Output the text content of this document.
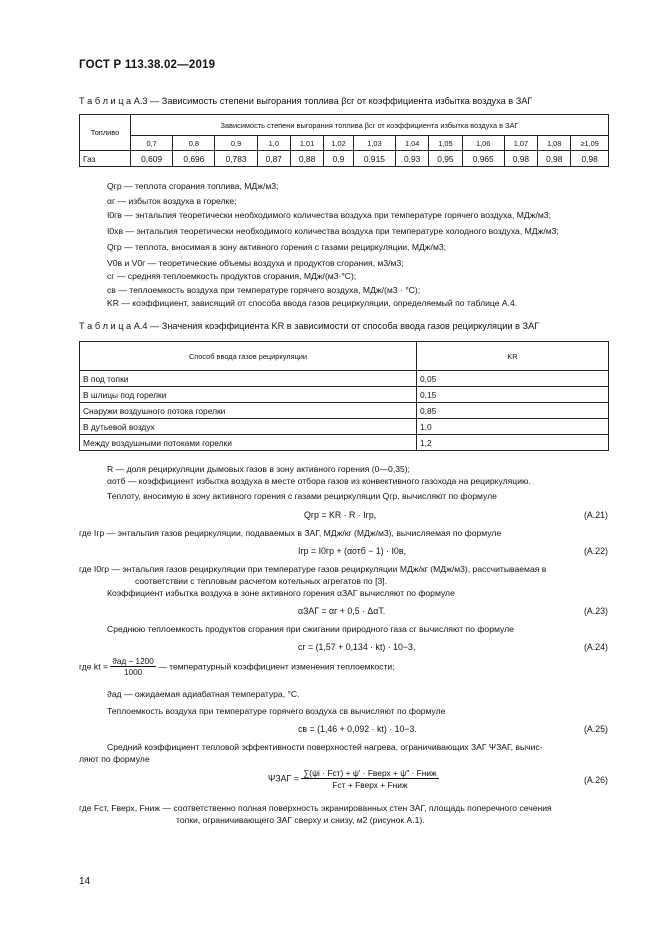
ГОСТ Р 113.38.02—2019
Т а б л и ц а А.3 — Зависимость степени выгорания топлива βсг от коэффициента избытка воздуха в ЗАГ
Топливо	Зависимость степени выгорания топлива βсг от коэффициента избытка воздуха в ЗАГ												
	0,7	0,8	0,9	1,0	1,01	1,02	1,03	1,04	1,05	1,06	1,07	1,08	≥1,09
Газ	0,609	0,696	0,783	0,87	0,88	0,9	0,915	0,93	0,95	0,965	0,98	0,98	0,98
Qгр — теплота сгорания топлива, МДж/м3;
αг — избыток воздуха в горелке;
I0гв — энтальпия теоретически необходимого количества воздуха при температуре горячего воздуха, МДж/м3;
I0хв — энтальпия теоретически необходимого количества воздуха при температуре холодного воздуха, МДж/м3;
Qгр — теплота, вносимая в зону активного горения с газами рециркуляции, МДж/м3;
V0в и V0г — теоретические объемы воздуха и продуктов сгорания, м3/м3;
cг — средняя теплоемкость продуктов сгорания, МДж/(м3·°C);
cв — теплоемкость воздуха при температуре горячего воздуха, МДж/(м3 · °C);
KR — коэффициент, зависящий от способа ввода газов рециркуляции, определяемый по таблице А.4.
Т а б л и ц а А.4 — Значения коэффициента KR в зависимости от способа ввода газов рециркуляции в ЗАГ
Способ ввода газов рециркуляции	KR
В под топки	0,05
В шлицы под горелки	0,15
Снаружи воздушного потока горелки	0,85
В дутьевой воздух	1,0
Между воздушными потоками горелки	1,2
R — доля рециркуляции дымовых газов в зону активного горения (0—0,35);
αотб — коэффициент избытка воздуха в месте отбора газов из конвективного газохода на рециркуляцию.
Теплоту, вносимую в зону активного горения с газами рециркуляции Qгр, вычисляют по формуле
Qгр = KR · R · Iгр,	(А.21)
где Iгр — энтальпия газов рециркуляции, подаваемых в ЗАГ, МДж/кг (МДж/м3), вычисляемая по формуле
Iгр = I0гр + (αотб − 1) · I0в,	(А.22)
где I0гр — энтальпия газов рециркуляции при температуре газов рециркуляции МДж/кг (МДж/м3), рассчитываемая в
соответствии с тепловым расчетом котельных агрегатов по [3].
Коэффициент избытка воздуха в зоне активного горения αЗАГ вычисляют по формуле
αЗАГ = αг + 0,5 · ΔαТ.	(А.23)
Среднюю теплоемкость продуктов сгорания при сжигании природного газа cг вычисляют по формуле
cг = (1,57 + 0,134 · kt) · 10−3,	(А.24)
где kt = $\frac{\text{ϑад − 1200}}{1000}$ — температурный коэффициент изменения теплоемкости;
ϑад — ожидаемая адиабатная температура, °C.
Теплоемкость воздуха при температуре горячего воздуха cв вычисляют по формуле
cв = (1,46 + 0,092 · kt) · 10−3.	(А.25)
Средний коэффициент тепловой эффективности поверхностей нагрева, ограничивающих ЗАГ ΨЗАГ, вычис-
ляют по формуле
$\Psi ЗАГ = \frac{\text{∑(ψi · Fст) + ψ′ · Fверх + ψ″ · Fниж}}{\text{Fст + Fверх + Fниж}}$	(А.26)
где Fст, Fверх, Fниж — соответственно полная поверхность экранированных стен ЗАГ, площадь поперечного сечения
топки, ограничивающего ЗАГ сверху и снизу, м2 (рисунок А.1).
14
